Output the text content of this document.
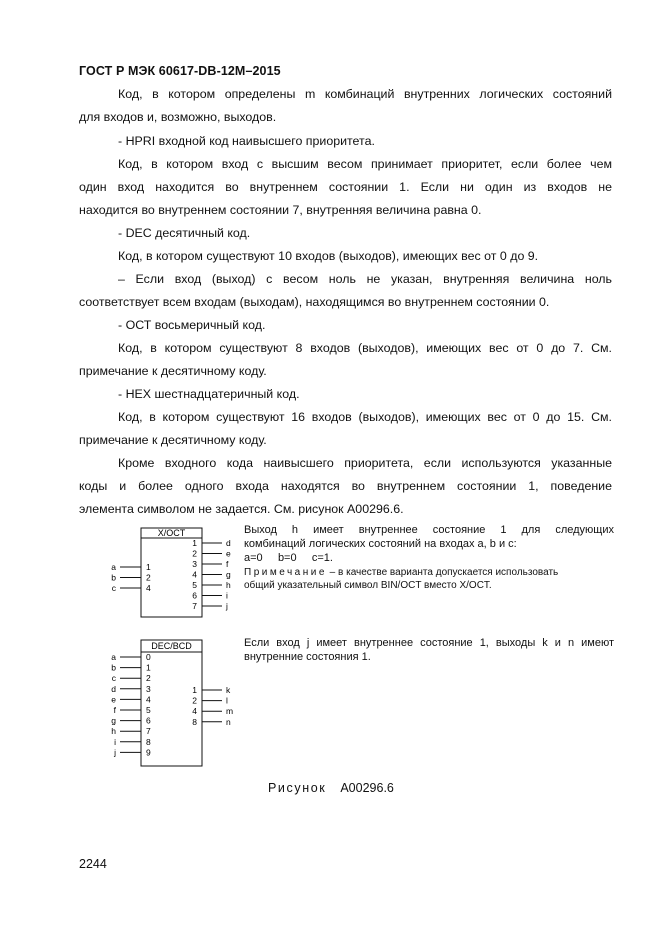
ГОСТ Р МЭК 60617-DB-12M–2015
Код, в котором определены m комбинаций внутренних логических состояний
для входов и, возможно, выходов.
- HPRI входной код наивысшего приоритета.
Код, в котором вход с высшим весом принимает приоритет, если более чем
один вход находится во внутреннем состоянии 1. Если ни один из входов не
находится во внутреннем состоянии 7, внутренняя величина равна 0.
- DEC десятичный код.
Код, в котором существуют 10 входов (выходов), имеющих вес от 0 до 9.
– Если вход (выход) с весом ноль не указан, внутренняя величина ноль
соответствует всем входам (выходам), находящимся во внутреннем состоянии 0.
- ОСТ восьмеричный код.
Код, в котором существуют 8 входов (выходов), имеющих вес от 0 до 7. См.
примечание к десятичному коду.
- HEX шестнадцатеричный код.
Код, в котором существуют 16 входов (выходов), имеющих вес от 0 до 15. См.
примечание к десятичному коду.
Кроме входного кода наивысшего приоритета, если используются указанные
коды и более одного входа находятся во внутреннем состоянии 1, поведение
элемента символом не задается. См. рисунок А00296.6.
Выход h имеет внутреннее состояние 1 для следующих
комбинаций логических состояний на входах a, b и c:
a=0     b=0     c=1.
Примечание – в качестве варианта допускается использовать
общий указательный символ BIN/OCT вместо X/OCT.
Если вход j имеет внутреннее состояние 1, выходы k и n имеют
внутренние состояния 1.
X/OCT
a	1
b	2
c	4
1	d
2	e
3	f
4	g
5	h
6	i
7	j
DEC/BCD
a	0
b	1
c	2
d	3
e	4
f	5
g	6
h	7
i	8
j	9
1	k
2	l
4	m
8	n
Рисунок А00296.6
2244
